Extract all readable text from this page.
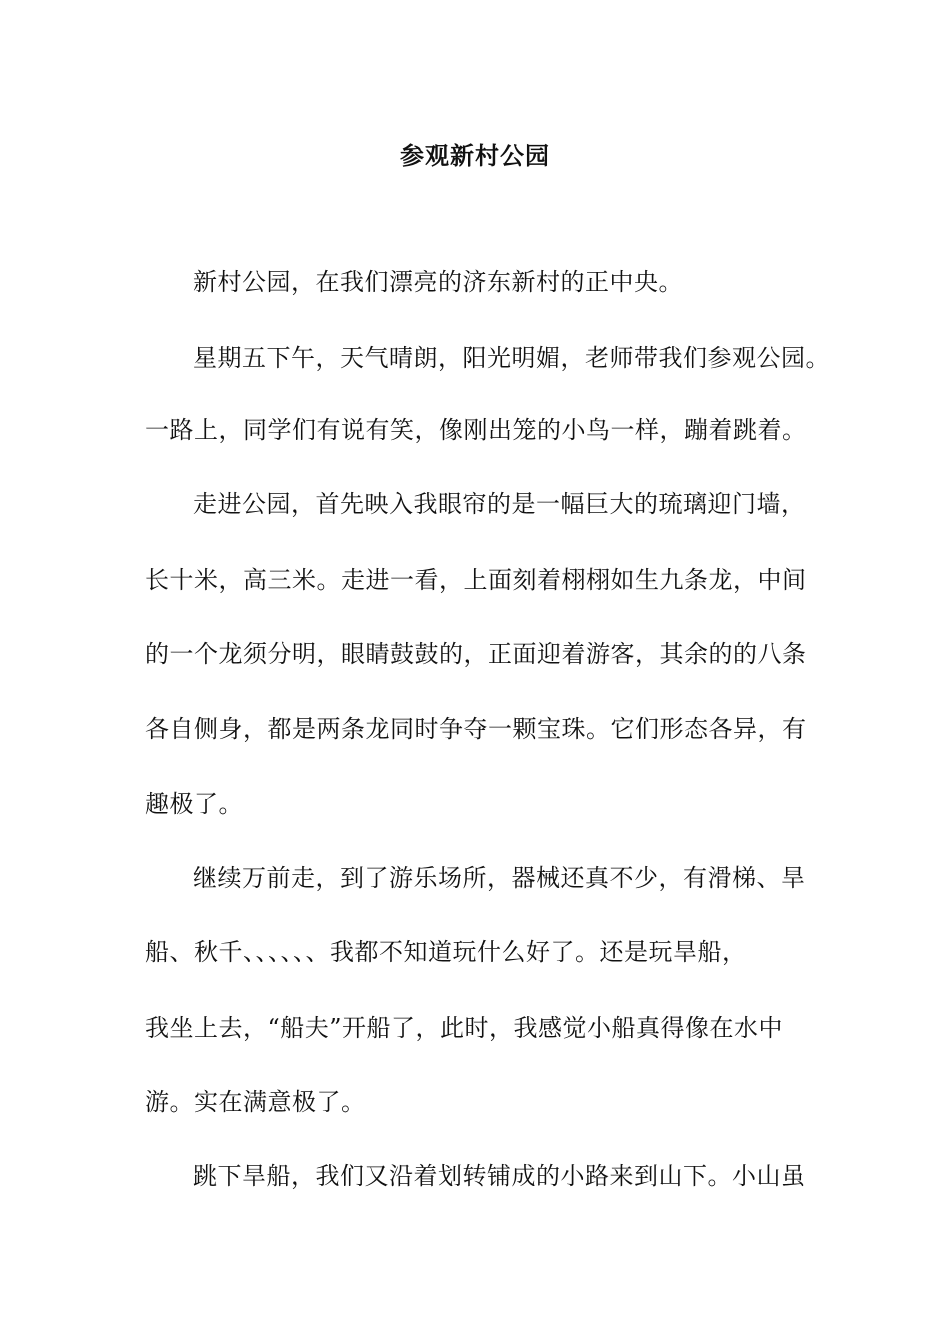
参观新村公园
新村公园，在我们漂亮的济东新村的正中央。
星期五下午，天气晴朗，阳光明媚，老师带我们参观公园。
一路上，同学们有说有笑，像刚出笼的小鸟一样，蹦着跳着。
走进公园，首先映入我眼帘的是一幅巨大的琉璃迎门墙，
长十米，高三米。走进一看，上面刻着栩栩如生九条龙，中间
的一个龙须分明，眼睛鼓鼓的，正面迎着游客，其余的的八条
各自侧身，都是两条龙同时争夺一颗宝珠。它们形态各异，有
趣极了。
继续万前走，到了游乐场所，器械还真不少，有滑梯、旱
船、秋千、、、、、、我都不知道玩什么好了。还是玩旱船，
我坐上去，“船夫”开船了，此时，我感觉小船真得像在水中
游。实在满意极了。
跳下旱船，我们又沿着划转铺成的小路来到山下。小山虽
